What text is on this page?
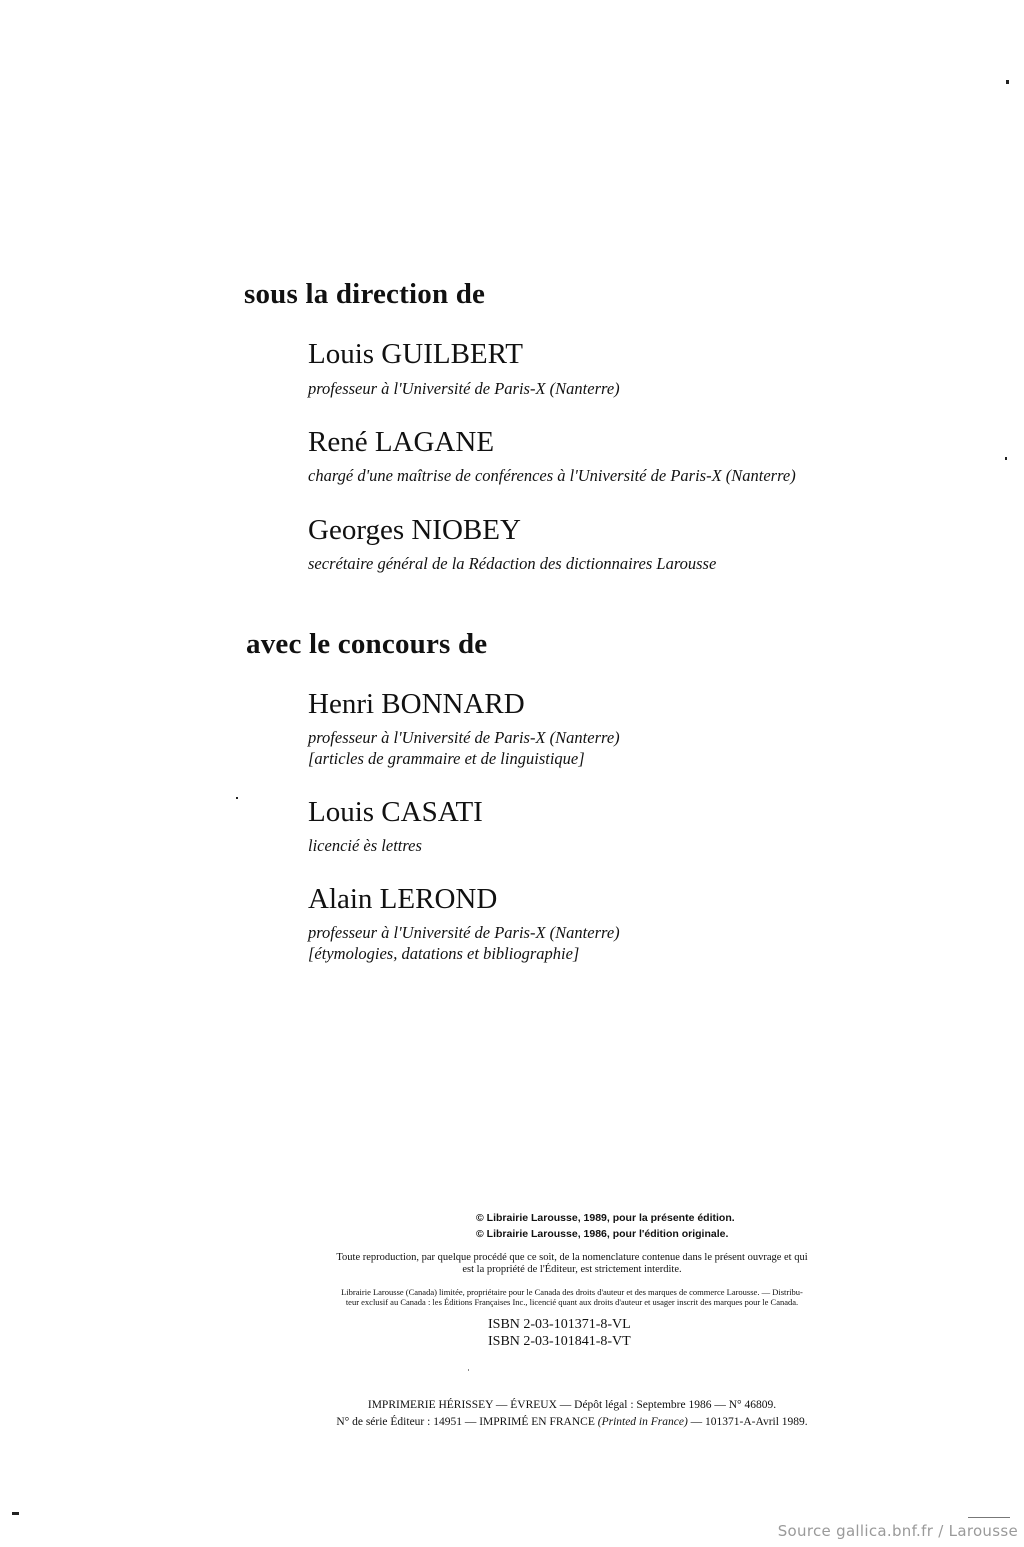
sous la direction de
Louis GUILBERT
professeur à l'Université de Paris-X (Nanterre)
René LAGANE
chargé d'une maîtrise de conférences à l'Université de Paris-X (Nanterre)
Georges NIOBEY
secrétaire général de la Rédaction des dictionnaires Larousse
avec le concours de
Henri BONNARD
professeur à l'Université de Paris-X (Nanterre)
[articles de grammaire et de linguistique]
Louis CASATI
licencié ès lettres
Alain LEROND
professeur à l'Université de Paris-X (Nanterre)
[étymologies, datations et bibliographie]
© Librairie Larousse, 1989, pour la présente édition.
© Librairie Larousse, 1986, pour l'édition originale.
Toute reproduction, par quelque procédé que ce soit, de la nomenclature contenue dans le présent ouvrage et qui
est la propriété de l'Éditeur, est strictement interdite.
Librairie Larousse (Canada) limitée, propriétaire pour le Canada des droits d'auteur et des marques de commerce Larousse. — Distribu-
teur exclusif au Canada : les Éditions Françaises Inc., licencié quant aux droits d'auteur et usager inscrit des marques pour le Canada.
ISBN 2-03-101371-8-VL
ISBN 2-03-101841-8-VT
IMPRIMERIE HÉRISSEY — ÉVREUX — Dépôt légal : Septembre 1986 — N° 46809.
N° de série Éditeur : 14951 — IMPRIMÉ EN FRANCE (Printed in France) — 101371-A-Avril 1989.
Source gallica.bnf.fr / Larousse
